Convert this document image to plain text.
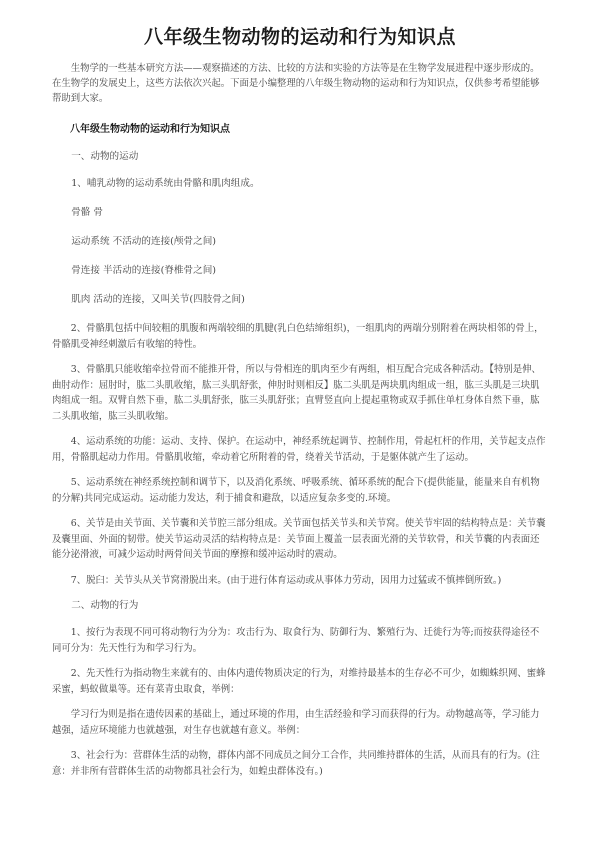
八年级生物动物的运动和行为知识点

生物学的一些基本研究方法——观察描述的方法、比较的方法和实验的方法等是在生物学发展进程中逐步形成的。在生物学的发展史上，这些方法依次兴起。下面是小编整理的八年级生物动物的运动和行为知识点，仅供参考希望能够帮助到大家。

八年级生物动物的运动和行为知识点

一、动物的运动

1、哺乳动物的运动系统由骨骼和肌肉组成。

骨骼 骨

运动系统 不活动的连接(颅骨之间)

骨连接 半活动的连接(脊椎骨之间)

肌肉 活动的连接，又叫关节(四肢骨之间)

2、骨骼肌包括中间较粗的肌腹和两端较细的肌腱(乳白色结缔组织)，一组肌肉的两端分别附着在两块相邻的骨上，骨骼肌受神经刺激后有收缩的特性。

3、骨骼肌只能收缩牵拉骨而不能推开骨，所以与骨相连的肌肉至少有两组，相互配合完成各种活动。【特别是伸、曲肘动作：屈肘时，肱二头肌收缩，肱三头肌舒张，伸肘时则相反】肱二头肌是两块肌肉组成一组，肱三头肌是三块肌肉组成一组。双臂自然下垂，肱二头肌舒张，肱三头肌舒张；直臂竖直向上提起重物或双手抓住单杠身体自然下垂，肱二头肌收缩，肱三头肌收缩。

4、运动系统的功能：运动、支持、保护。在运动中，神经系统起调节、控制作用，骨起杠杆的作用，关节起支点作用，骨骼肌起动力作用。骨骼肌收缩，牵动着它所附着的骨，绕着关节活动，于是躯体就产生了运动。

5、运动系统在神经系统控制和调节下，以及消化系统、呼吸系统、循环系统的配合下(提供能量，能量来自有机物的分解)共同完成运动。运动能力发达，利于捕食和避敌，以适应复杂多变的.环境。

6、关节是由关节面、关节囊和关节腔三部分组成。关节面包括关节头和关节窝。使关节牢固的结构特点是：关节囊及囊里面、外面的韧带。使关节运动灵活的结构特点是：关节面上覆盖一层表面光滑的关节软骨，和关节囊的内表面还能分泌滑液，可减少运动时两骨间关节面的摩擦和缓冲运动时的震动。

7、脱臼：关节头从关节窝滑脱出来。(由于进行体育运动或从事体力劳动，因用力过猛或不慎摔倒所致。)

二、动物的行为

1、按行为表现不同可将动物行为分为：攻击行为、取食行为、防御行为、繁殖行为、迁徙行为等;而按获得途径不同可分为：先天性行为和学习行为。

2、先天性行为指动物生来就有的、由体内遗传物质决定的行为，对维持最基本的生存必不可少，如蜘蛛织网、蜜蜂采蜜，蚂蚁做巢等。还有菜青虫取食，举例：

学习行为则是指在遗传因素的基础上，通过环境的作用，由生活经验和学习而获得的行为。动物越高等，学习能力越强，适应环境能力也就越强，对生存也就越有意义。举例：

3、社会行为：营群体生活的动物，群体内部不同成员之间分工合作，共同维持群体的生活，从而具有的行为。(注意：并非所有营群体生活的动物都具社会行为，如蝗虫群体没有。)
